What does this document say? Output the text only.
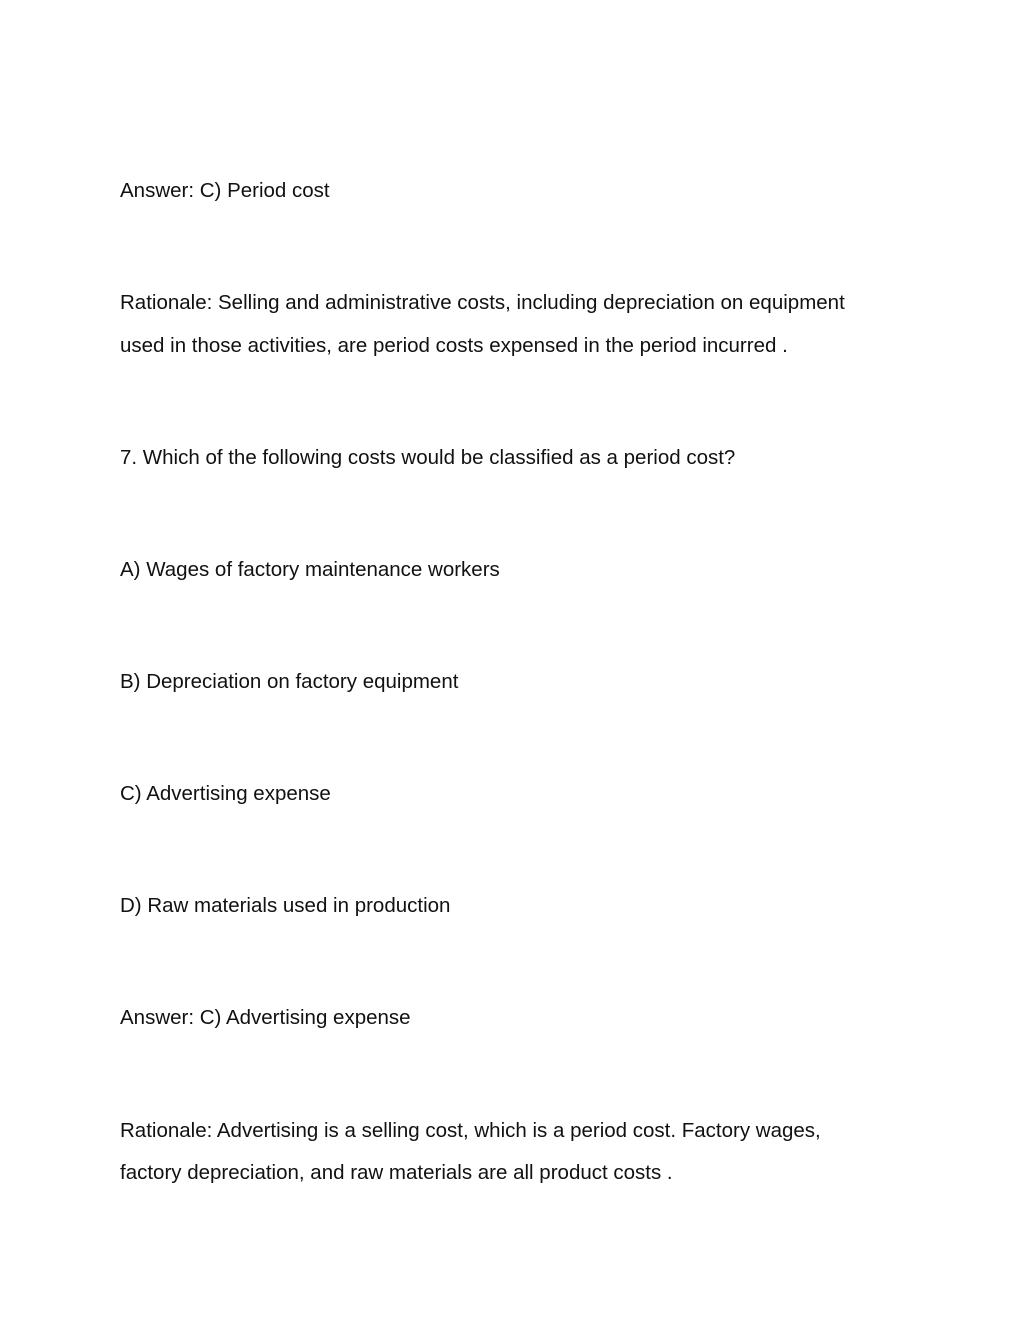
Answer: C) Period cost
Rationale: Selling and administrative costs, including depreciation on equipment
used in those activities, are period costs expensed in the period incurred .
7. Which of the following costs would be classified as a period cost?
A) Wages of factory maintenance workers
B) Depreciation on factory equipment
C) Advertising expense
D) Raw materials used in production
Answer: C) Advertising expense
Rationale: Advertising is a selling cost, which is a period cost. Factory wages,
factory depreciation, and raw materials are all product costs .
